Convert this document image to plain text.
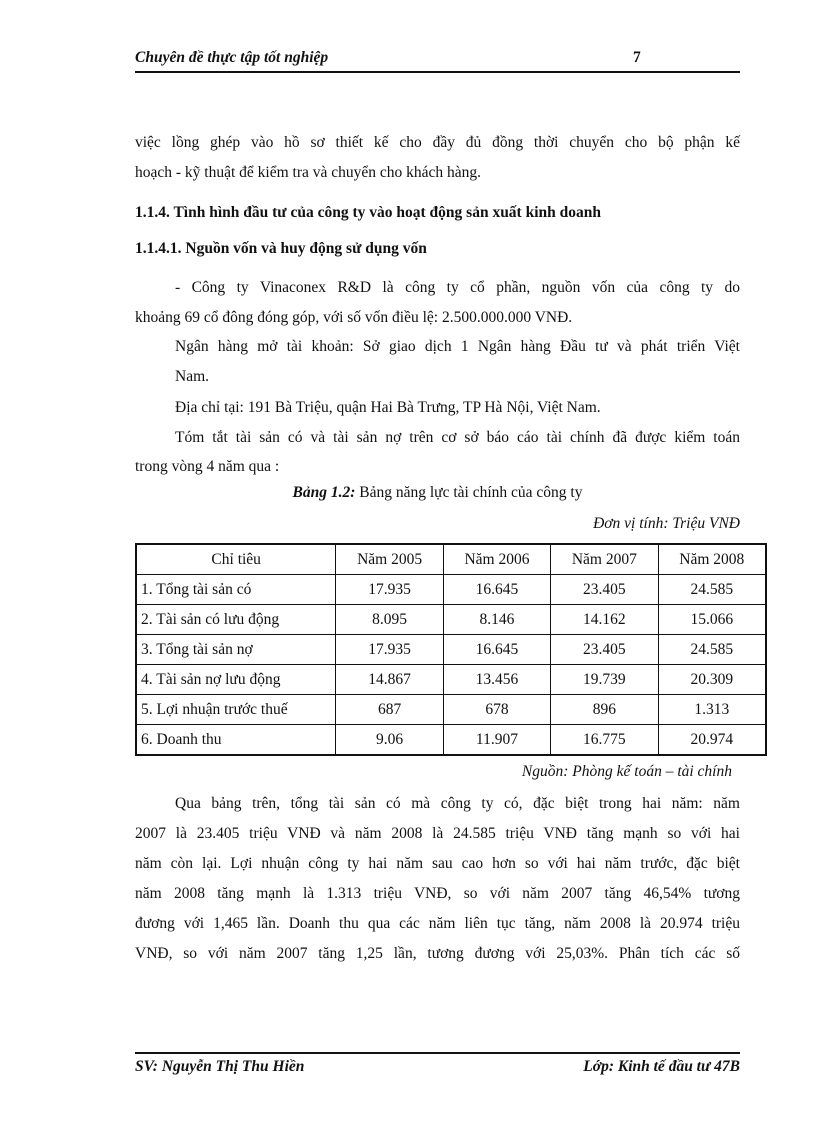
Chuyên đề thực tập tốt nghiệp	7
việc lồng ghép vào hồ sơ thiết kế cho đầy đủ đồng thời chuyển cho bộ phận kế
hoạch - kỹ thuật để kiểm tra và chuyển cho khách hàng.
1.1.4. Tình hình đầu tư của công ty vào hoạt động sản xuất kinh doanh
1.1.4.1. Nguồn vốn và huy động sử dụng vốn
- Công ty Vinaconex R&D là công ty cổ phần, nguồn vốn của công ty do
khoảng 69 cổ đông đóng góp, với số vốn điều lệ: 2.500.000.000 VNĐ.
Ngân hàng mở tài khoản: Sở giao dịch 1 Ngân hàng Đầu tư và phát triển Việt
Nam.
Địa chỉ tại: 191 Bà Triệu, quận Hai Bà Trưng, TP Hà Nội, Việt Nam.
Tóm tắt tài sản có và tài sản nợ trên cơ sở báo cáo tài chính đã được kiểm toán
trong vòng 4 năm qua :
Bảng 1.2: Bảng năng lực tài chính của công ty
Đơn vị tính: Triệu VNĐ
Chỉ tiêu	Năm 2005	Năm 2006	Năm 2007	Năm 2008
1. Tổng tài sản có	17.935	16.645	23.405	24.585
2. Tài sản có lưu động	8.095	8.146	14.162	15.066
3. Tổng tài sản nợ	17.935	16.645	23.405	24.585
4. Tài sản nợ lưu động	14.867	13.456	19.739	20.309
5. Lợi nhuận trước thuế	687	678	896	1.313
6. Doanh thu	9.06	11.907	16.775	20.974
Nguồn: Phòng kế toán – tài chính
Qua bảng trên, tổng tài sản có mà công ty có, đặc biệt trong hai năm: năm
2007 là 23.405 triệu VNĐ và năm 2008 là 24.585 triệu VNĐ tăng mạnh so với hai
năm còn lại. Lợi nhuận công ty hai năm sau cao hơn so với hai năm trước, đặc biệt
năm 2008 tăng mạnh là 1.313 triệu VNĐ, so với năm 2007 tăng 46,54% tương
đương với 1,465 lần. Doanh thu qua các năm liên tục tăng, năm 2008 là 20.974 triệu
VNĐ, so với năm 2007 tăng 1,25 lần, tương đương với 25,03%. Phân tích các số
SV: Nguyễn Thị Thu Hiền	Lớp: Kinh tế đầu tư 47B
